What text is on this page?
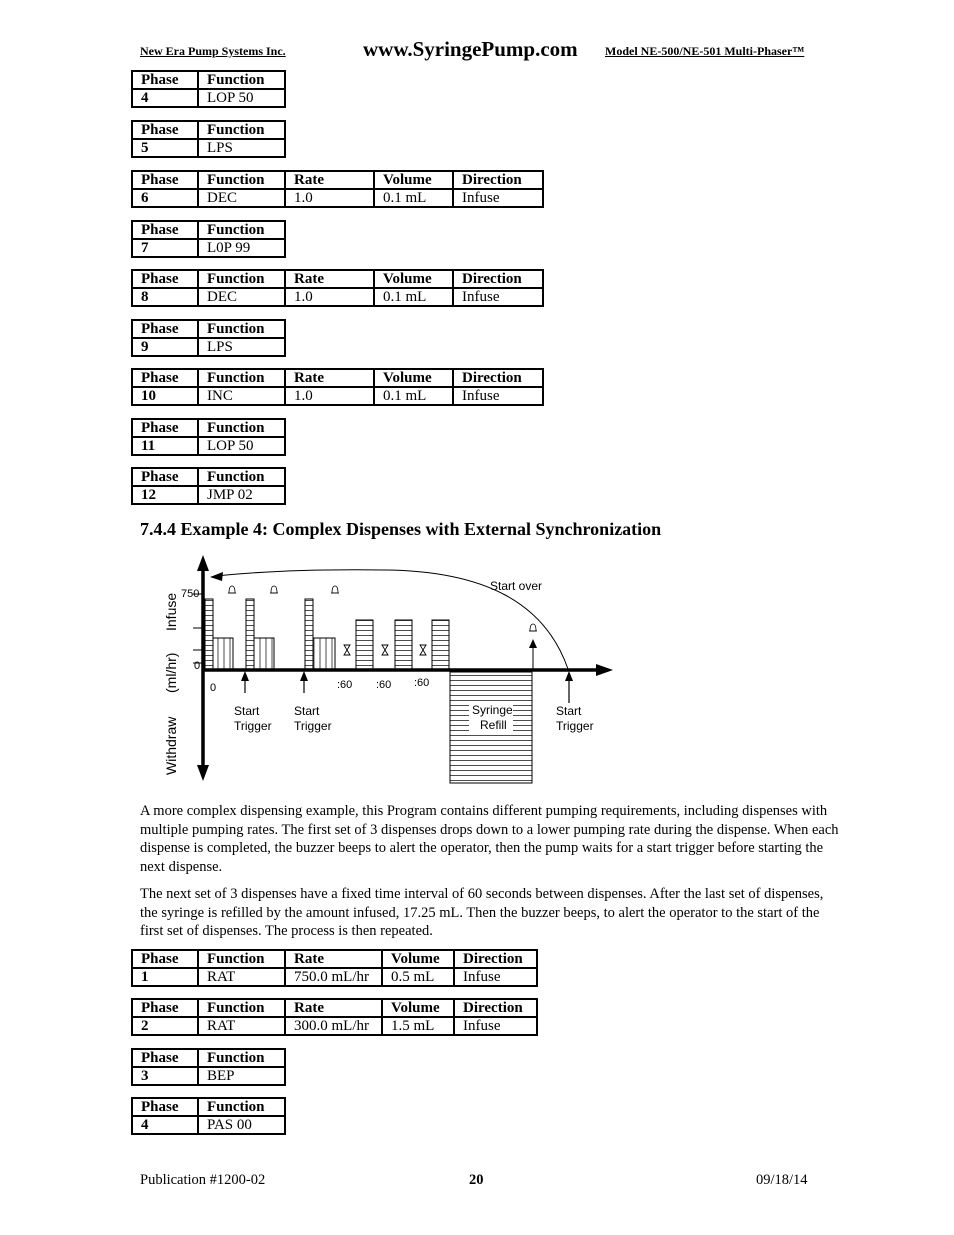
New Era Pump Systems Inc.	www.SyringePump.com Model NE-500/NE-501 Multi-Phaser™
Phase	Function
4	LOP 50
Phase	Function
5	LPS
Phase	Function	Rate	Volume	Direction
6	DEC	1.0	0.1 mL	Infuse
Phase	Function
7	L0P 99
Phase	Function	Rate	Volume	Direction
8	DEC	1.0	0.1 mL	Infuse
Phase	Function
9	LPS
Phase	Function	Rate	Volume	Direction
10	INC	1.0	0.1 mL	Infuse
Phase	Function
11	LOP 50
Phase	Function
12	JMP 02
7.4.4 Example 4: Complex Dispenses with External Synchronization
750
0
0
Infuse
(ml/hr)
Withdraw
Start over
:60 :60 :60
Syringe
Refill
Start
Trigger
Start
Trigger
Start
Trigger

A more complex dispensing example, this Program contains different pumping requirements, including dispenses with multiple pumping rates. The first set of 3 dispenses drops down to a lower pumping rate during the dispense. When each dispense is completed, the buzzer beeps to alert the operator, then the pump waits for a start trigger before starting the next dispense.

The next set of 3 dispenses have a fixed time interval of 60 seconds between dispenses. After the last set of dispenses, the syringe is refilled by the amount infused, 17.25 mL. Then the buzzer beeps, to alert the operator to the start of the first set of dispenses. The process is then repeated.

Phase	Function	Rate	Volume	Direction
1	RAT	750.0 mL/hr	0.5 mL	Infuse
Phase	Function	Rate	Volume	Direction
2	RAT	300.0 mL/hr	1.5 mL	Infuse
Phase	Function
3	BEP
Phase	Function
4	PAS 00
Publication #1200-02	20	09/18/14
